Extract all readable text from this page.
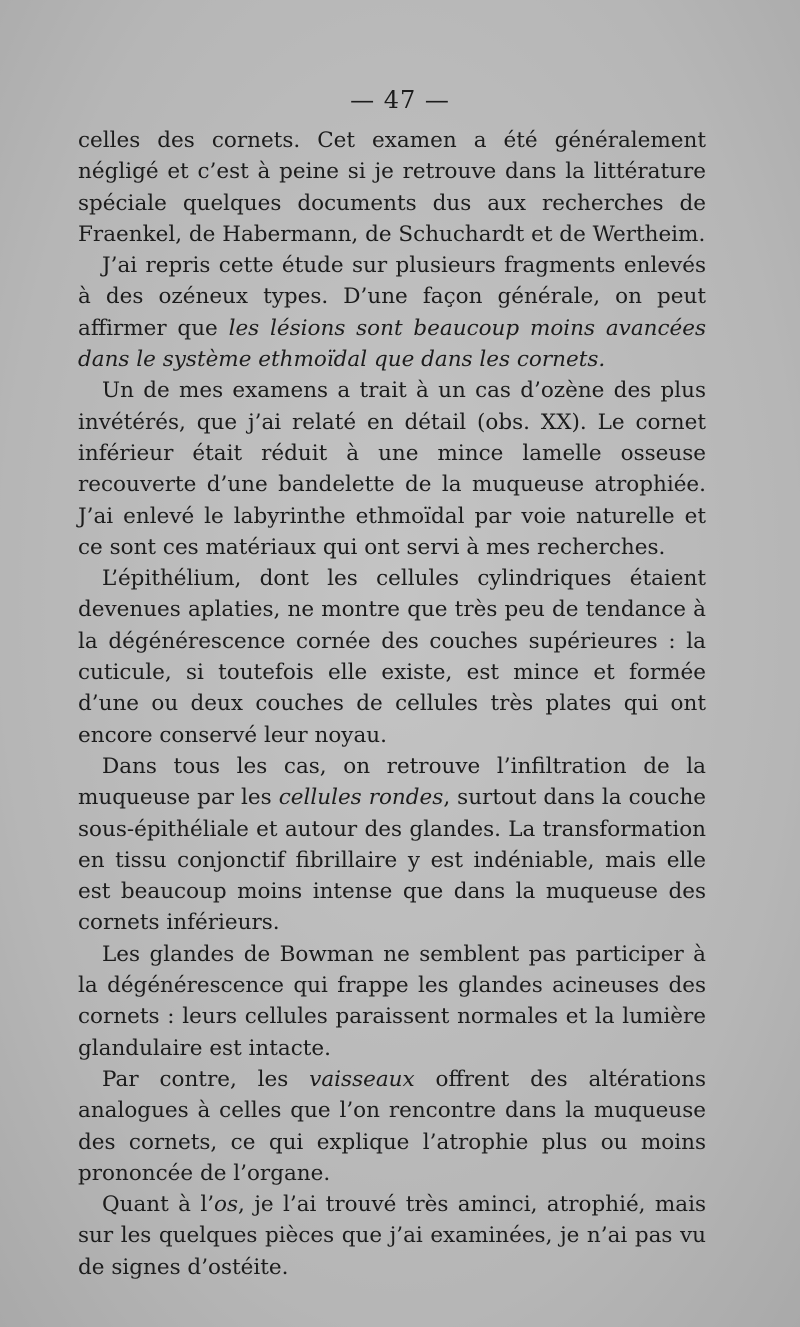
— 47 —

celles des cornets. Cet examen a été généralement négligé et c’est à peine si je retrouve dans la littérature spéciale quelques documents dus aux recherches de Fraenkel, de Habermann, de Schuchardt et de Wertheim.

J’ai repris cette étude sur plusieurs fragments enlevés à des ozéneux types. D’une façon générale, on peut affirmer que les lésions sont beaucoup moins avancées dans le système ethmoïdal que dans les cornets.

Un de mes examens a trait à un cas d’ozène des plus invétérés, que j’ai relaté en détail (obs. XX). Le cornet inférieur était réduit à une mince lamelle osseuse recouverte d’une bandelette de la muqueuse atrophiée. J’ai enlevé le labyrinthe ethmoïdal par voie naturelle et ce sont ces matériaux qui ont servi à mes recherches.

L’épithélium, dont les cellules cylindriques étaient devenues aplaties, ne montre que très peu de tendance à la dégénérescence cornée des couches supérieures : la cuticule, si toutefois elle existe, est mince et formée d’une ou deux couches de cellules très plates qui ont encore conservé leur noyau.

Dans tous les cas, on retrouve l’infiltration de la muqueuse par les cellules rondes, surtout dans la couche sous-épithéliale et autour des glandes. La transformation en tissu conjonctif fibrillaire y est indéniable, mais elle est beaucoup moins intense que dans la muqueuse des cornets inférieurs.

Les glandes de Bowman ne semblent pas participer à la dégénérescence qui frappe les glandes acineuses des cornets : leurs cellules paraissent normales et la lumière glandulaire est intacte.

Par contre, les vaisseaux offrent des altérations analogues à celles que l’on rencontre dans la muqueuse des cornets, ce qui explique l’atrophie plus ou moins prononcée de l’organe.

Quant à l’os, je l’ai trouvé très aminci, atrophié, mais sur les quelques pièces que j’ai examinées, je n’ai pas vu de signes d’ostéite.
